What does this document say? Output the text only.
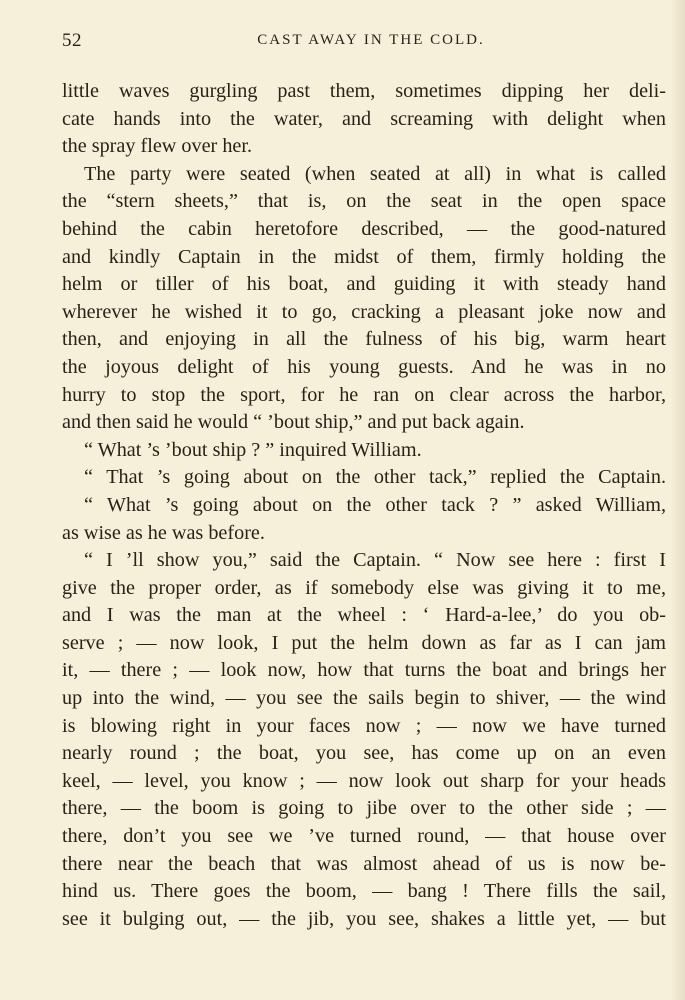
52	CAST AWAY IN THE COLD.
little waves gurgling past them, sometimes dipping her deli-
cate hands into the water, and screaming with delight when
the spray flew over her.
The party were seated (when seated at all) in what is called
the “stern sheets,” that is, on the seat in the open space
behind the cabin heretofore described, — the good-natured
and kindly Captain in the midst of them, firmly holding the
helm or tiller of his boat, and guiding it with steady hand
wherever he wished it to go, cracking a pleasant joke now and
then, and enjoying in all the fulness of his big, warm heart
the joyous delight of his young guests. And he was in no
hurry to stop the sport, for he ran on clear across the harbor,
and then said he would “ ’bout ship,” and put back again.
“ What ’s ’bout ship ? ” inquired William.
“ That ’s going about on the other tack,” replied the Captain.
“ What ’s going about on the other tack ? ” asked William,
as wise as he was before.
“ I ’ll show you,” said the Captain. “ Now see here : first I
give the proper order, as if somebody else was giving it to me,
and I was the man at the wheel : ‘ Hard-a-lee,’ do you ob-
serve ; — now look, I put the helm down as far as I can jam
it, — there ; — look now, how that turns the boat and brings her
up into the wind, — you see the sails begin to shiver, — the wind
is blowing right in your faces now ; — now we have turned
nearly round ; the boat, you see, has come up on an even
keel, — level, you know ; — now look out sharp for your heads
there, — the boom is going to jibe over to the other side ; —
there, don’t you see we ’ve turned round, — that house over
there near the beach that was almost ahead of us is now be-
hind us. There goes the boom, — bang ! There fills the sail,
see it bulging out, — the jib, you see, shakes a little yet, — but
